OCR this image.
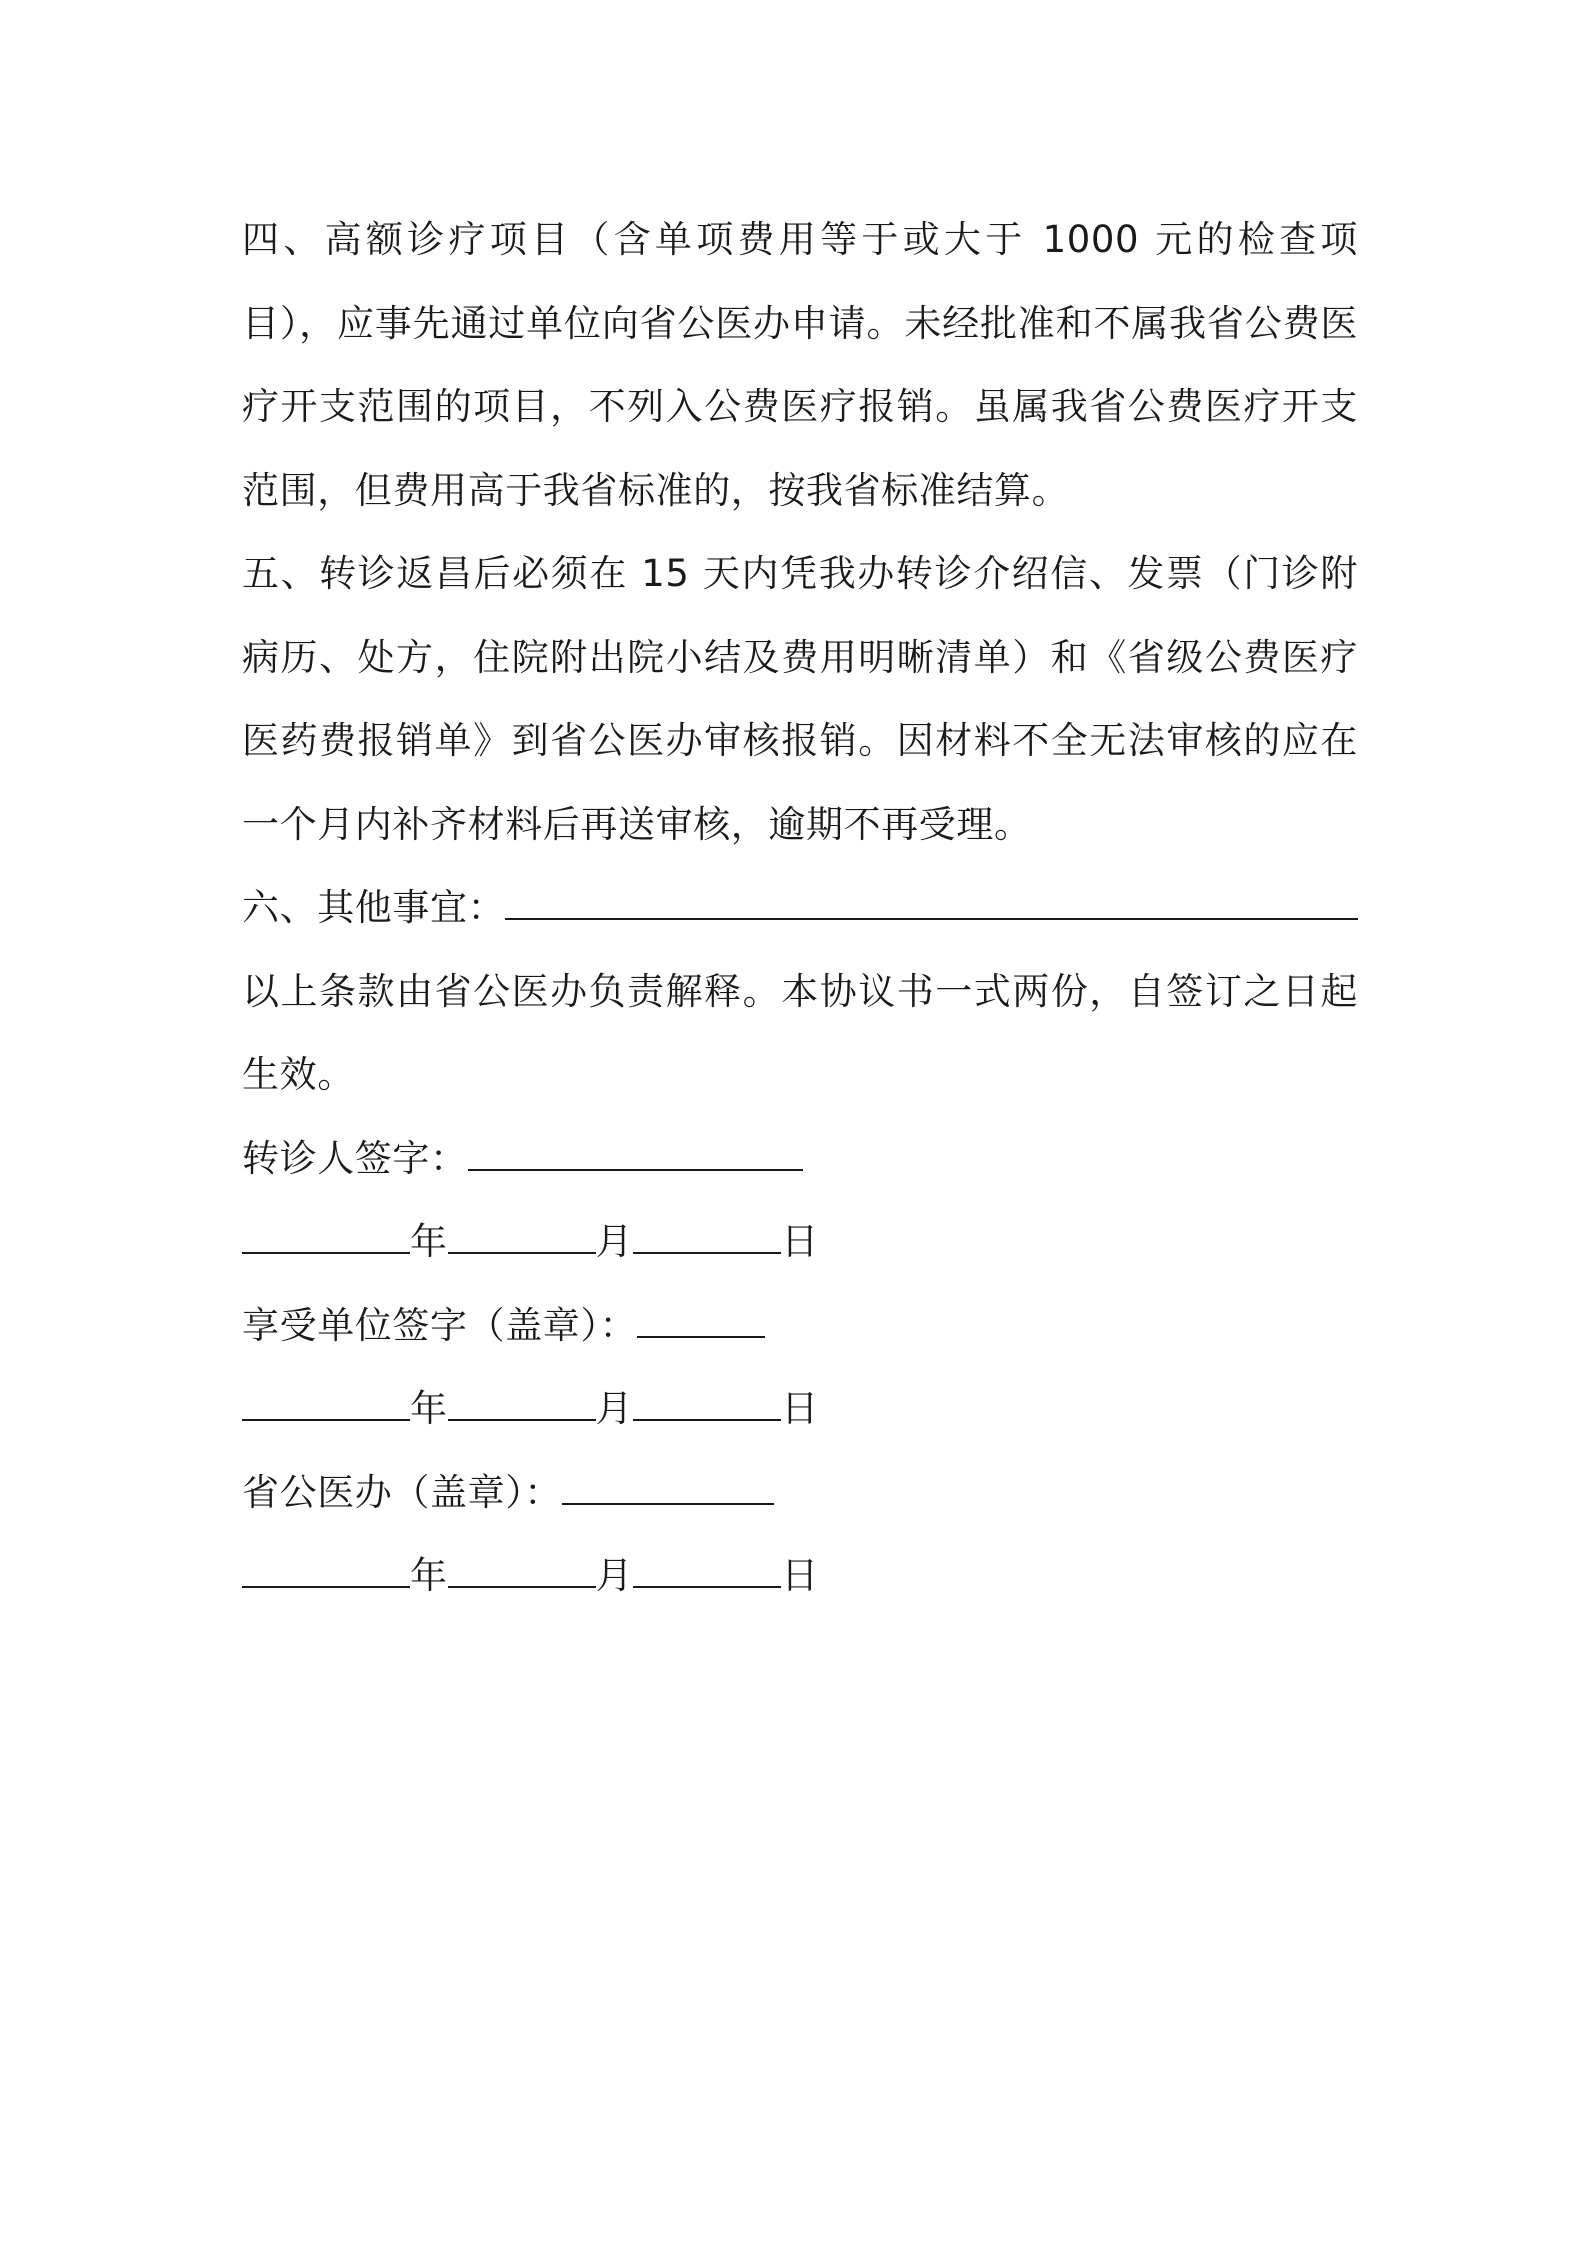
四、高额诊疗项目（含单项费用等于或大于 1000 元的检查项目），应事先通过单位向省公医办申请。未经批准和不属我省公费医疗开支范围的项目，不列入公费医疗报销。虽属我省公费医疗开支范围，但费用高于我省标准的，按我省标准结算。

五、转诊返昌后必须在 15 天内凭我办转诊介绍信、发票（门诊附病历、处方，住院附出院小结及费用明晰清单）和《省级公费医疗医药费报销单》到省公医办审核报销。因材料不全无法审核的应在一个月内补齐材料后再送审核，逾期不再受理。

六、其他事宜：

以上条款由省公医办负责解释。本协议书一式两份，自签订之日起生效。

转诊人签字：

年	月	日

享受单位签字（盖章）：

年	月	日

省公医办（盖章）：

年	月	日
